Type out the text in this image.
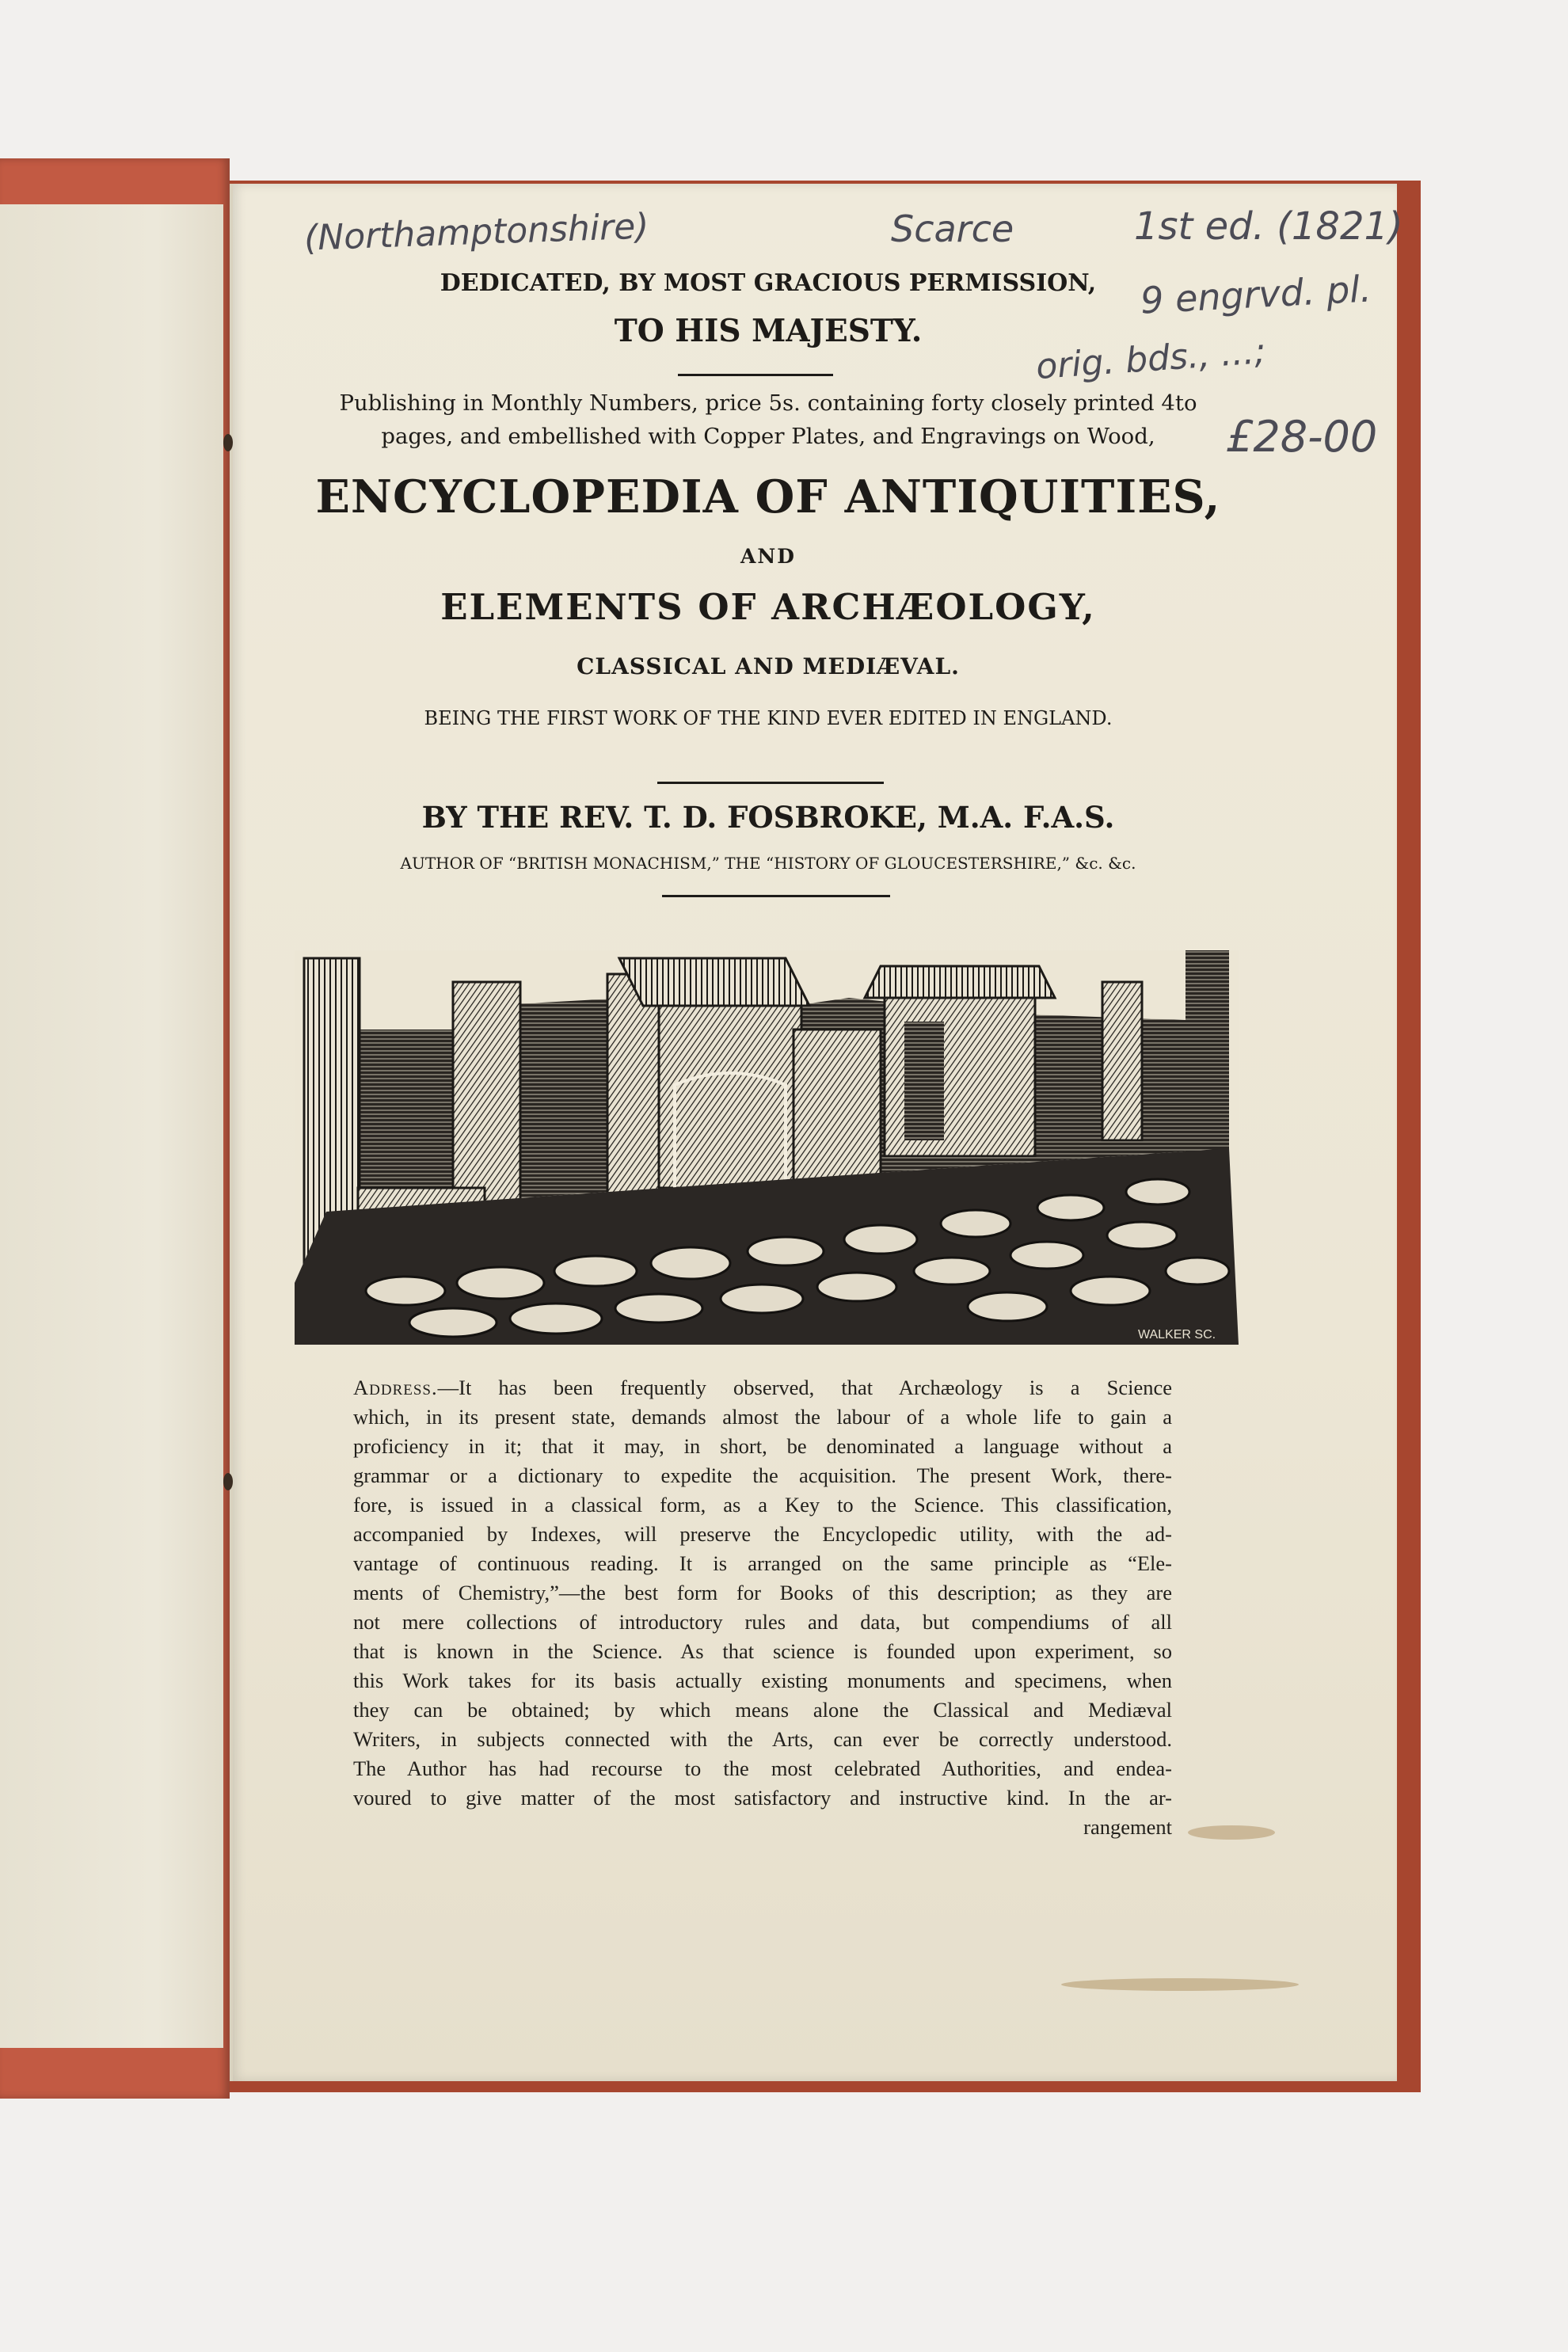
(Northamptonshire)	Scarce	1st ed. (1821)
9 engrvd. pl.
orig. bds., ...;
£28-00
DEDICATED, BY MOST GRACIOUS PERMISSION,
TO HIS MAJESTY.
Publishing in Monthly Numbers, price 5s. containing forty closely printed 4to
pages, and embellished with Copper Plates, and Engravings on Wood,
ENCYCLOPEDIA OF ANTIQUITIES,
AND
ELEMENTS OF ARCHÆOLOGY,
CLASSICAL AND MEDIÆVAL.
BEING THE FIRST WORK OF THE KIND EVER EDITED IN ENGLAND.
BY THE REV. T. D. FOSBROKE, M.A. F.A.S.
AUTHOR OF “BRITISH MONACHISM,” THE “HISTORY OF GLOUCESTERSHIRE,” &c. &c.
WALKER SC.
Address.—It has been frequently observed, that Archæology is a Science
which, in its present state, demands almost the labour of a whole life to gain a
proficiency in it; that it may, in short, be denominated a language without a
grammar or a dictionary to expedite the acquisition. The present Work, there-
fore, is issued in a classical form, as a Key to the Science. This classification,
accompanied by Indexes, will preserve the Encyclopedic utility, with the ad-
vantage of continuous reading. It is arranged on the same principle as “Ele-
ments of Chemistry,”—the best form for Books of this description; as they are
not mere collections of introductory rules and data, but compendiums of all
that is known in the Science. As that science is founded upon experiment, so
this Work takes for its basis actually existing monuments and specimens, when
they can be obtained; by which means alone the Classical and Mediæval
Writers, in subjects connected with the Arts, can ever be correctly understood.
The Author has had recourse to the most celebrated Authorities, and endea-
voured to give matter of the most satisfactory and instructive kind. In the ar-
rangement
